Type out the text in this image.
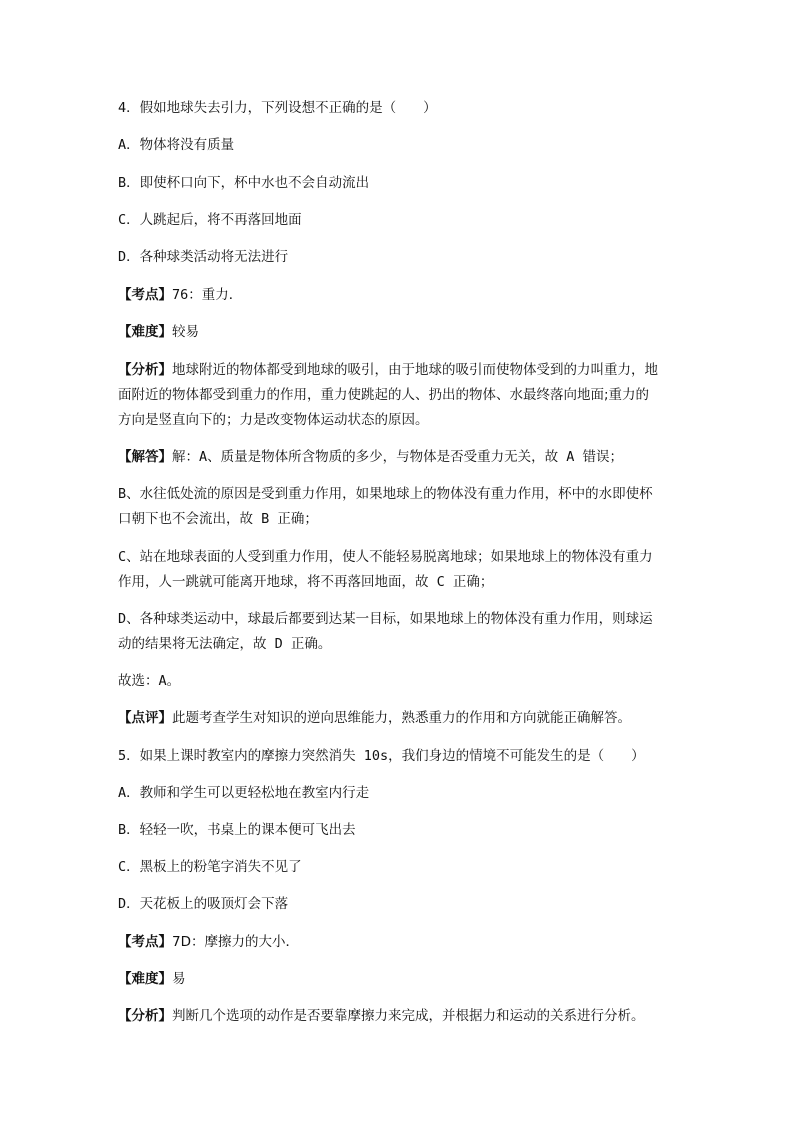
4．假如地球失去引力，下列设想不正确的是（　　）
A．物体将没有质量
B．即使杯口向下，杯中水也不会自动流出
C．人跳起后，将不再落回地面
D．各种球类活动将无法进行
【考点】76：重力．
【难度】较易
【分析】地球附近的物体都受到地球的吸引，由于地球的吸引而使物体受到的力叫重力，地
面附近的物体都受到重力的作用，重力使跳起的人、扔出的物体、水最终落向地面;重力的
方向是竖直向下的；力是改变物体运动状态的原因。
【解答】解：A、质量是物体所含物质的多少，与物体是否受重力无关，故 A 错误；
B、水往低处流的原因是受到重力作用，如果地球上的物体没有重力作用，杯中的水即使杯
口朝下也不会流出，故 B 正确；
C、站在地球表面的人受到重力作用，使人不能轻易脱离地球；如果地球上的物体没有重力
作用，人一跳就可能离开地球，将不再落回地面，故 C 正确；
D、各种球类运动中，球最后都要到达某一目标，如果地球上的物体没有重力作用，则球运
动的结果将无法确定，故 D 正确。
故选：A。
【点评】此题考查学生对知识的逆向思维能力，熟悉重力的作用和方向就能正确解答。
5．如果上课时教室内的摩擦力突然消失 10s，我们身边的情境不可能发生的是（　　）
A．教师和学生可以更轻松地在教室内行走
B．轻轻一吹，书桌上的课本便可飞出去
C．黑板上的粉笔字消失不见了
D．天花板上的吸顶灯会下落
【考点】7D：摩擦力的大小．
【难度】易
【分析】判断几个选项的动作是否要靠摩擦力来完成，并根据力和运动的关系进行分析。
